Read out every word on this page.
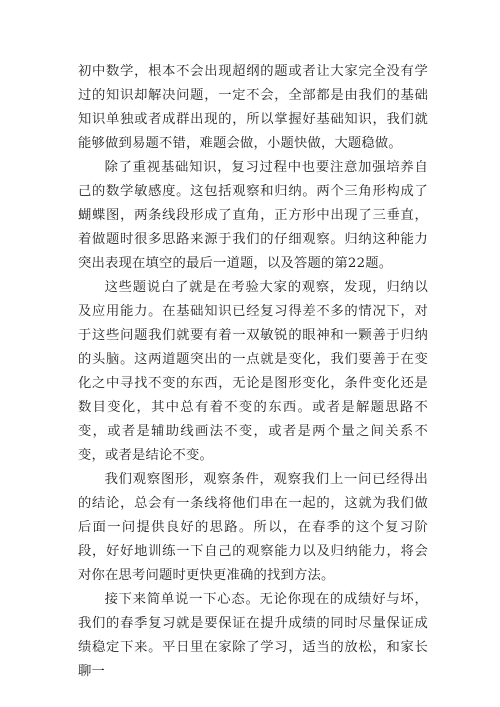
初中数学，根本不会出现超纲的题或者让大家完全没有学过的知识却解决问题，一定不会，全部都是由我们的基础知识单独或者成群出现的，所以掌握好基础知识，我们就能够做到易题不错，难题会做，小题快做，大题稳做。

除了重视基础知识，复习过程中也要注意加强培养自己的数学敏感度。这包括观察和归纳。两个三角形构成了蝴蝶图，两条线段形成了直角，正方形中出现了三垂直，着做题时很多思路来源于我们的仔细观察。归纳这种能力突出表现在填空的最后一道题，以及答题的第22题。

这些题说白了就是在考验大家的观察，发现，归纳以及应用能力。在基础知识已经复习得差不多的情况下，对于这些问题我们就要有着一双敏锐的眼神和一颗善于归纳的头脑。这两道题突出的一点就是变化，我们要善于在变化之中寻找不变的东西，无论是图形变化，条件变化还是数目变化，其中总有着不变的东西。或者是解题思路不变，或者是辅助线画法不变，或者是两个量之间关系不变，或者是结论不变。

我们观察图形，观察条件，观察我们上一问已经得出的结论，总会有一条线将他们串在一起的，这就为我们做后面一问提供良好的思路。所以，在春季的这个复习阶段，好好地训练一下自己的观察能力以及归纳能力，将会对你在思考问题时更快更准确的找到方法。

接下来简单说一下心态。无论你现在的成绩好与坏，我们的春季复习就是要保证在提升成绩的同时尽量保证成绩稳定下来。平日里在家除了学习，适当的放松，和家长聊一
